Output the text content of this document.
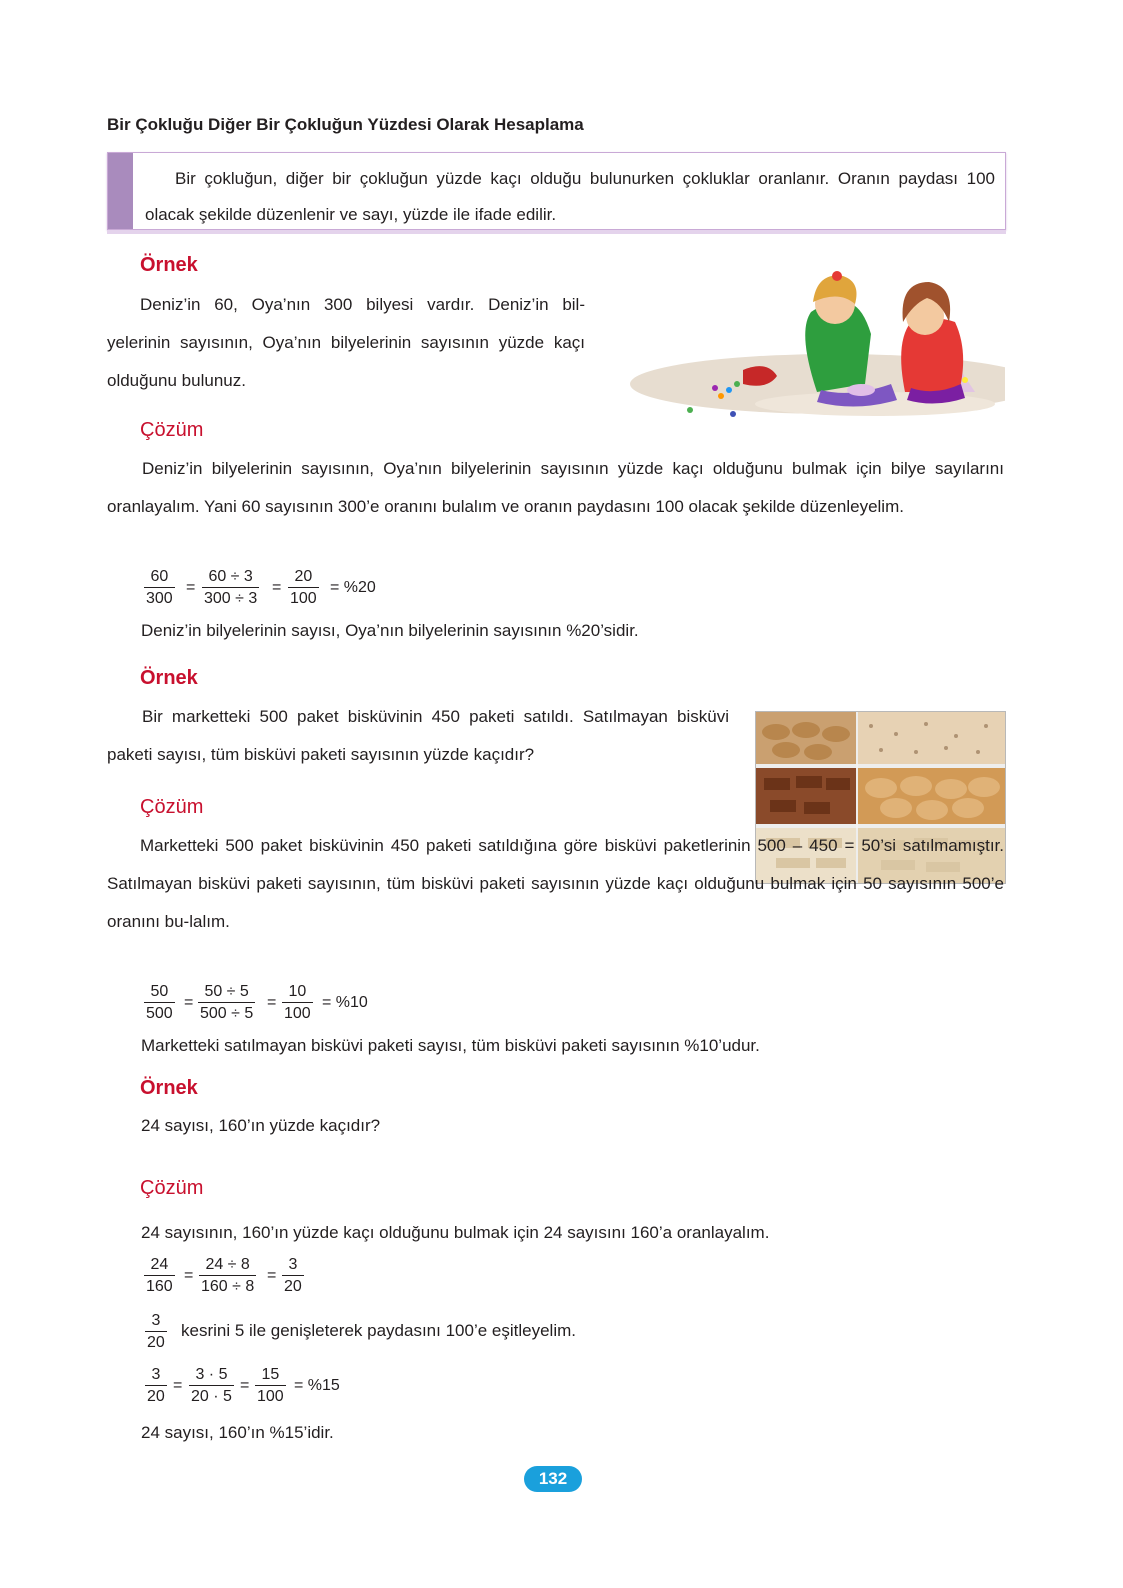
Bir Çokluğu Diğer Bir Çokluğun Yüzdesi Olarak Hesaplama
Bir çokluğun, diğer bir çokluğun yüzde kaçı olduğu bulunurken çokluklar oranlanır. Oranın paydası 100 olacak şekilde düzenlenir ve sayı, yüzde ile ifade edilir.
Örnek
Deniz’in 60, Oya’nın 300 bilyesi vardır. Deniz’in bil-yelerinin sayısının, Oya’nın bilyelerinin sayısının yüzde kaçı olduğunu bulunuz.
Çözüm
Deniz’in bilyelerinin sayısının, Oya’nın bilyelerinin sayısının yüzde kaçı olduğunu bulmak için bilye sayılarını oranlayalım. Yani 60 sayısının 300’e oranını bulalım ve oranın paydasını 100 olacak şekilde düzenleyelim.
$\frac{60}{300} = \frac{60 \div 3}{300 \div 3} = \frac{20}{100} = \%20$
Deniz’in bilyelerinin sayısı, Oya’nın bilyelerinin sayısının %20’sidir.
Örnek
Bir marketteki 500 paket bisküvinin 450 paketi satıldı. Satılmayan bisküvi paketi sayısı, tüm bisküvi paketi sayısının yüzde kaçıdır?
Çözüm
Marketteki 500 paket bisküvinin 450 paketi satıldığına göre bisküvi paketlerinin 500 – 450 = 50’si satılmamıştır. Satılmayan bisküvi paketi sayısının, tüm bisküvi paketi sayısının yüzde kaçı olduğunu bulmak için 50 sayısının 500’e oranını bu-lalım.
$\frac{50}{500} = \frac{50 \div 5}{500 \div 5} = \frac{10}{100} = \%10$
Marketteki satılmayan bisküvi paketi sayısı, tüm bisküvi paketi sayısının %10’udur.
Örnek
24 sayısı, 160’ın yüzde kaçıdır?
Çözüm
24 sayısının, 160’ın yüzde kaçı olduğunu bulmak için 24 sayısını 160’a oranlayalım.
$\frac{24}{160} = \frac{24 \div 8}{160 \div 8} = \frac{3}{20}$
$\frac{3}{20}$ kesrini 5 ile genişleterek paydasını 100’e eşitleyelim.
$\frac{3}{20} = \frac{3 \cdot 5}{20 \cdot 5} = \frac{15}{100} = \%15$
24 sayısı, 160’ın %15’idir.
132
